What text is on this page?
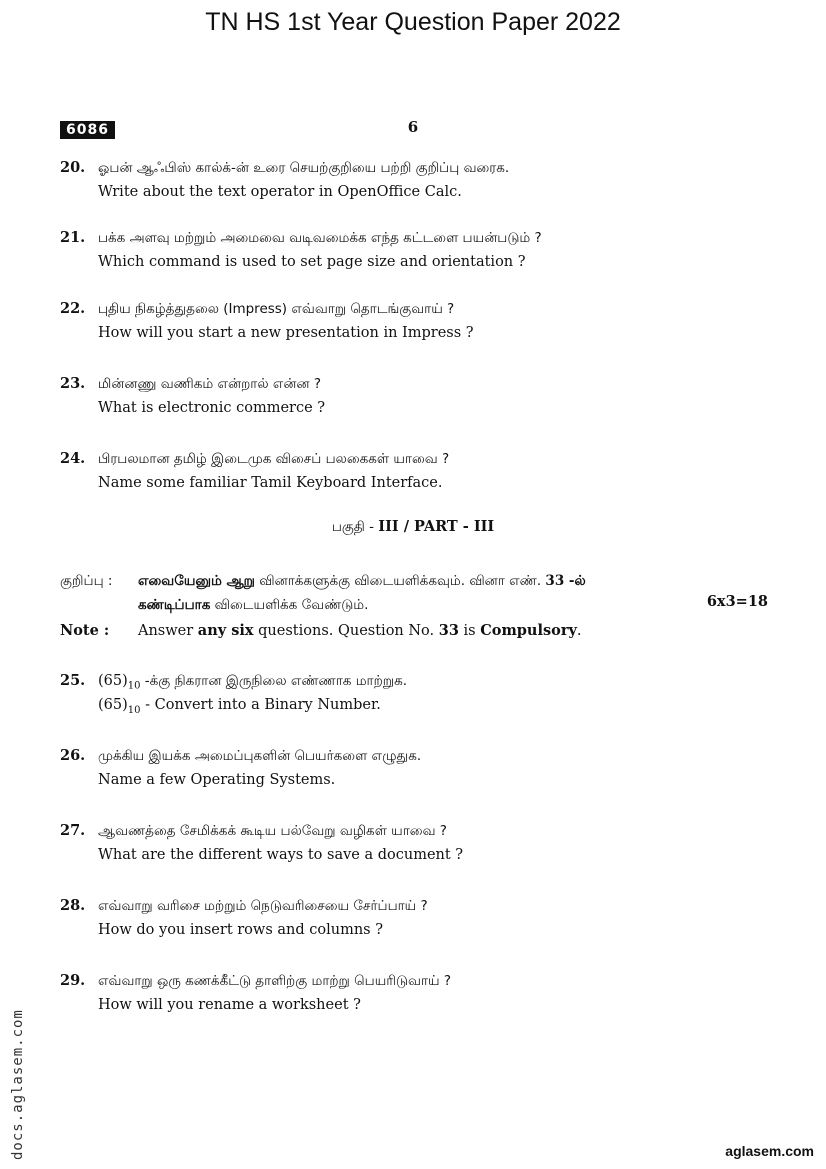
TN HS 1st Year Question Paper 2022
6086	6
20. ஓபன் ஆஃபிஸ் கால்க்-ன் உரை செயற்குறியை பற்றி குறிப்பு வரைக.
Write about the text operator in OpenOffice Calc.
21. பக்க அளவு மற்றும் அமைவை வடிவமைக்க எந்த கட்டளை பயன்படும் ?
Which command is used to set page size and orientation ?
22. புதிய நிகழ்த்துதலை (Impress) எவ்வாறு தொடங்குவாய் ?
How will you start a new presentation in Impress ?
23. மின்னணு வணிகம் என்றால் என்ன ?
What is electronic commerce ?
24. பிரபலமான தமிழ் இடைமுக விசைப் பலகைகள் யாவை ?
Name some familiar Tamil Keyboard Interface.
பகுதி - III / PART - III
குறிப்பு : எவையேனும் ஆறு வினாக்களுக்கு விடையளிக்கவும். வினா எண். 33 -ல்
கண்டிப்பாக விடையளிக்க வேண்டும்.	6x3=18
Note : Answer any six questions. Question No. 33 is Compulsory.
25. $(65)_{10}$ -க்கு நிகரான இருநிலை எண்ணாக மாற்றுக.
$(65)_{10}$ - Convert into a Binary Number.
26. முக்கிய இயக்க அமைப்புகளின் பெயர்களை எழுதுக.
Name a few Operating Systems.
27. ஆவணத்தை சேமிக்கக் கூடிய பல்வேறு வழிகள் யாவை ?
What are the different ways to save a document ?
28. எவ்வாறு வரிசை மற்றும் நெடுவரிசையை சேர்ப்பாய் ?
How do you insert rows and columns ?
29. எவ்வாறு ஒரு கணக்கீட்டு தாளிற்கு மாற்று பெயரிடுவாய் ?
How will you rename a worksheet ?
docs.aglasem.com	aglasem.com
